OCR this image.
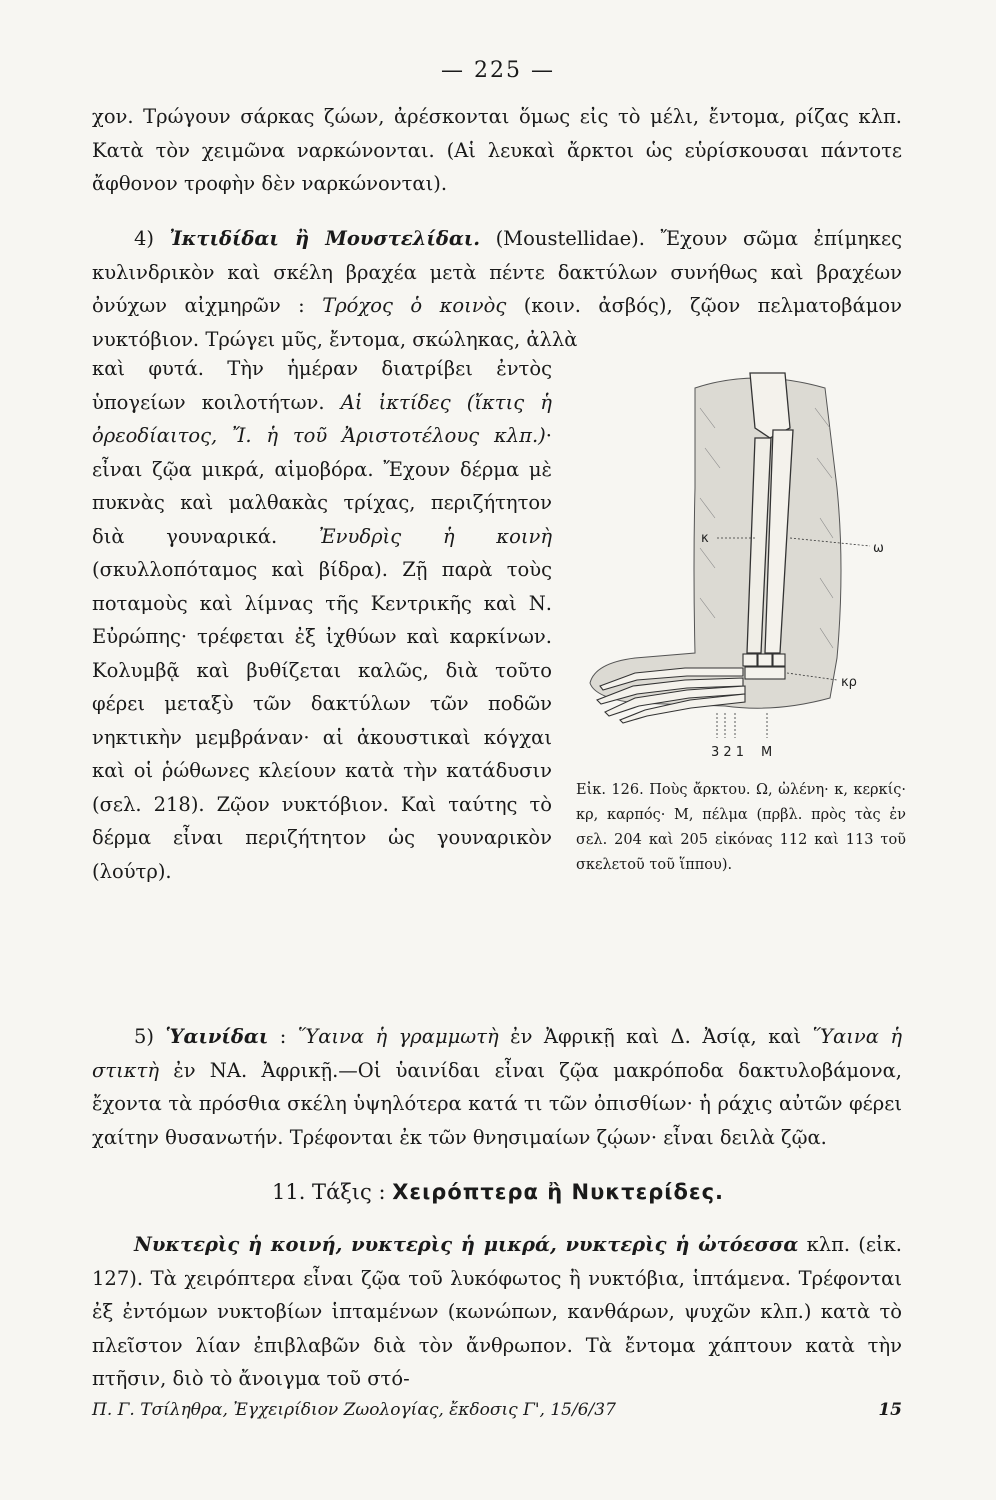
— 225 —

χον. Τρώγουν σάρκας ζώων, ἀρέσκονται ὅμως εἰς τὸ μέλι, ἔντομα, ρίζας κλπ. Κατὰ τὸν χειμῶνα ναρκώνονται. (Αἱ λευκαὶ ἄρκτοι ὡς εὑρίσκουσαι πάντοτε ἄφθονον τροφὴν δὲν ναρκώνονται).

4) Ἰκτιδίδαι ἢ Μουστελίδαι. (Moustellidae). Ἔχουν σῶμα ἐπίμηκες κυλινδρικὸν καὶ σκέλη βραχέα μετὰ πέντε δακτύλων συνήθως καὶ βραχέων ὀνύχων αἰχμηρῶν : Τρόχος ὁ κοινὸς (κοιν. ἀσβός), ζῷον πελματοβάμον νυκτόβιον. Τρώγει μῦς, ἔντομα, σκώληκας, ἀλλὰ

καὶ φυτά. Τὴν ἡμέραν διατρίβει ἐντὸς ὑπογείων κοιλοτήτων. Αἱ ἰκτίδες (ἴκτις ἡ ὀρεοδίαιτος, Ἴ. ἡ τοῦ Ἀριστοτέλους κλπ.)· εἶναι ζῷα μικρά, αἱμοβόρα. Ἔχουν δέρμα μὲ πυκνὰς καὶ μαλθακὰς τρίχας, περιζήτητον διὰ γουναρικά. Ἐνυδρὶς ἡ κοινὴ (σκυλλοπόταμος καὶ βίδρα). Ζῇ παρὰ τοὺς ποταμοὺς καὶ λίμνας τῆς Κεντρικῆς καὶ Ν. Εὐρώπης· τρέφεται ἐξ ἰχθύων καὶ καρκίνων. Κολυμβᾷ καὶ βυθίζεται καλῶς, διὰ τοῦτο φέρει μεταξὺ τῶν δακτύλων τῶν ποδῶν νηκτικὴν μεμβράναν· αἱ ἀκουστικαὶ κόγχαι καὶ οἱ ῥώθωνες κλείουν κατὰ τὴν κατάδυσιν (σελ. 218). Ζῷον νυκτόβιον. Καὶ ταύτης τὸ δέρμα εἶναι περιζήτητον ὡς γουναρικὸν (λούτρ).

κ
ω
κρ
3 2 1 M

Εἰκ. 126. Ποὺς ἄρκτου. Ω, ὠλένη· κ, κερκίς· κρ, καρπός· Μ, πέλμα (πρβλ. πρὸς τὰς ἐν σελ. 204 καὶ 205 εἰκόνας 112 καὶ 113 τοῦ σκελετοῦ τοῦ ἵππου).

5) Ὑαινίδαι : Ὕαινα ἡ γραμμωτὴ ἐν Ἀφρικῇ καὶ Δ. Ἀσίᾳ, καὶ Ὕαινα ἡ στικτὴ ἐν ΝΑ. Ἀφρικῇ.—Οἱ ὑαινίδαι εἶναι ζῷα μακρόποδα δακτυλοβάμονα, ἔχοντα τὰ πρόσθια σκέλη ὑψηλότερα κατά τι τῶν ὀπισθίων· ἡ ράχις αὐτῶν φέρει χαίτην θυσανωτήν. Τρέφονται ἐκ τῶν θνησιμαίων ζῴων· εἶναι δειλὰ ζῷα.

11. Τάξις : Χειρόπτερα ἢ Νυκτερίδες.

Νυκτερὶς ἡ κοινή, νυκτερὶς ἡ μικρά, νυκτερὶς ἡ ὠτόεσσα κλπ. (εἰκ. 127). Τὰ χειρόπτερα εἶναι ζῷα τοῦ λυκόφωτος ἢ νυκτόβια, ἱπτάμενα. Τρέφονται ἐξ ἐντόμων νυκτοβίων ἱπταμένων (κωνώπων, κανθάρων, ψυχῶν κλπ.) κατὰ τὸ πλεῖστον λίαν ἐπιβλαβῶν διὰ τὸν ἄνθρωπον. Τὰ ἔντομα χάπτουν κατὰ τὴν πτῆσιν, διὸ τὸ ἄνοιγμα τοῦ στό-

Π. Γ. Τσίληθρα, Ἐγχειρίδιον Ζωολογίας, ἔκδοσις Γ', 15/6/37	15
